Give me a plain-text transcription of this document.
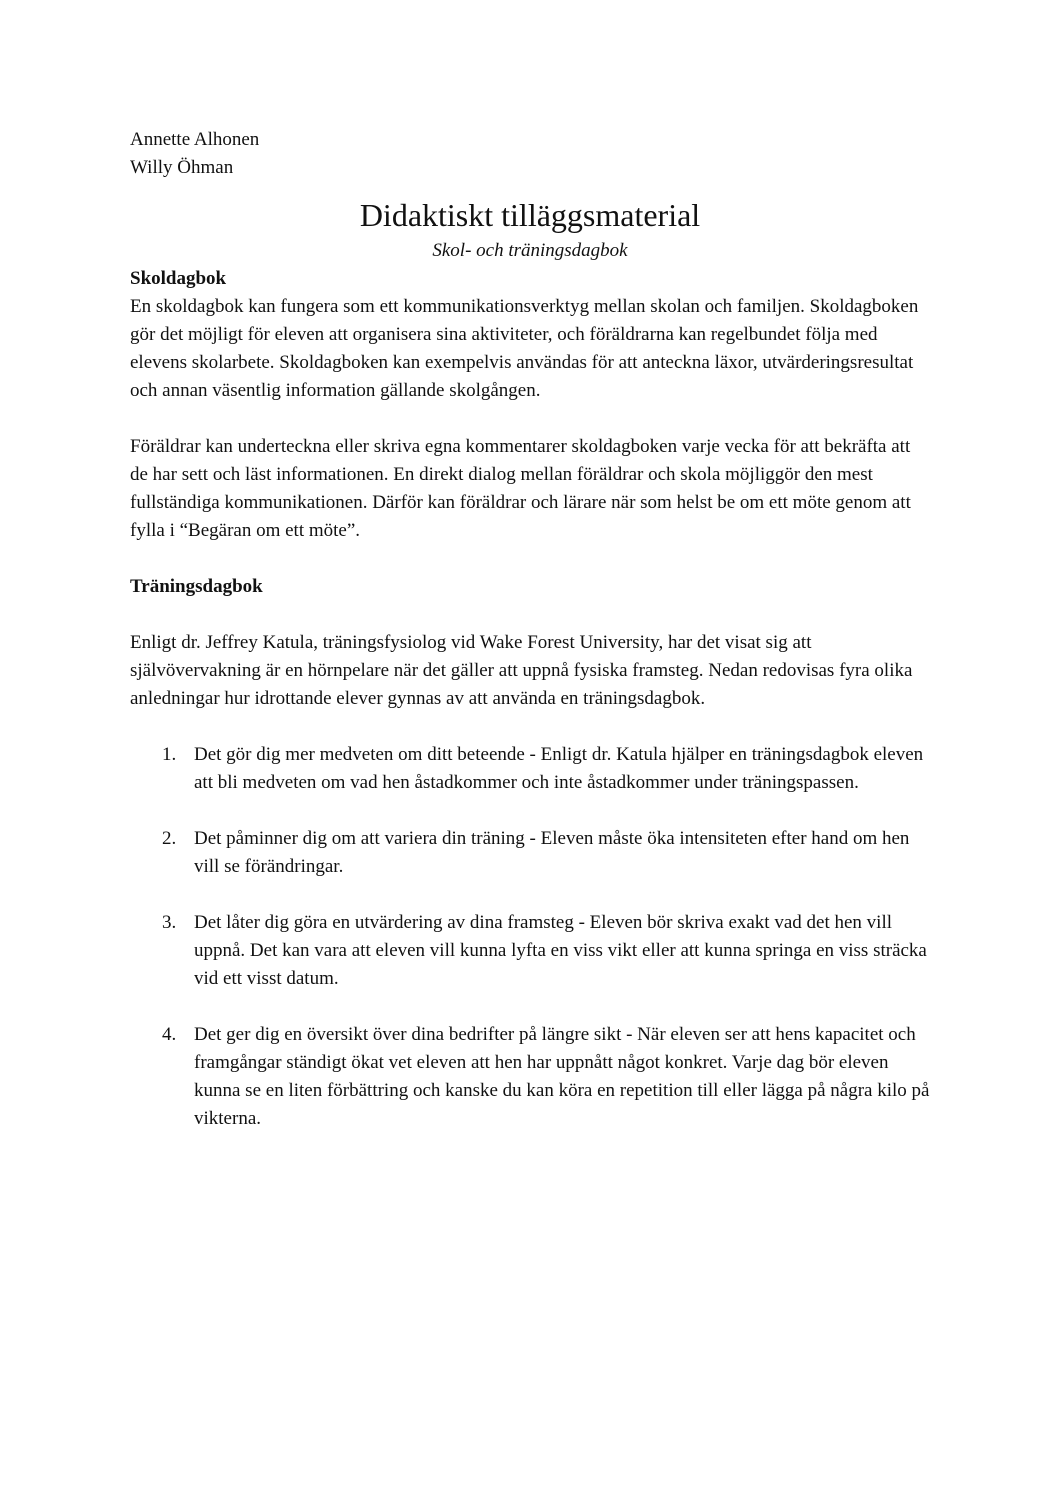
Annette Alhonen
Willy Öhman
Didaktiskt tilläggsmaterial
Skol- och träningsdagbok
Skoldagbok

En skoldagbok kan fungera som ett kommunikationsverktyg mellan skolan och familjen. Skoldagboken gör det möjligt för eleven att organisera sina aktiviteter, och föräldrarna kan regelbundet följa med elevens skolarbete. Skoldagboken kan exempelvis användas för att anteckna läxor, utvärderingsresultat och annan väsentlig information gällande skolgången.

Föräldrar kan underteckna eller skriva egna kommentarer skoldagboken varje vecka för att bekräfta att de har sett och läst informationen. En direkt dialog mellan föräldrar och skola möjliggör den mest fullständiga kommunikationen. Därför kan föräldrar och lärare när som helst be om ett möte genom att fylla i “Begäran om ett möte”.

Träningsdagbok

Enligt dr. Jeffrey Katula, träningsfysiolog vid Wake Forest University, har det visat sig att självövervakning är en hörnpelare när det gäller att uppnå fysiska framsteg. Nedan redovisas fyra olika anledningar hur idrottande elever gynnas av att använda en träningsdagbok.

1. Det gör dig mer medveten om ditt beteende - Enligt dr. Katula hjälper en träningsdagbok eleven att bli medveten om vad hen åstadkommer och inte åstadkommer under träningspassen.
2. Det påminner dig om att variera din träning - Eleven måste öka intensiteten efter hand om hen vill se förändringar.
3. Det låter dig göra en utvärdering av dina framsteg - Eleven bör skriva exakt vad det hen vill uppnå. Det kan vara att eleven vill kunna lyfta en viss vikt eller att kunna springa en viss sträcka vid ett visst datum.
4. Det ger dig en översikt över dina bedrifter på längre sikt - När eleven ser att hens kapacitet och framgångar ständigt ökat vet eleven att hen har uppnått något konkret. Varje dag bör eleven kunna se en liten förbättring och kanske du kan köra en repetition till eller lägga på några kilo på vikterna.
